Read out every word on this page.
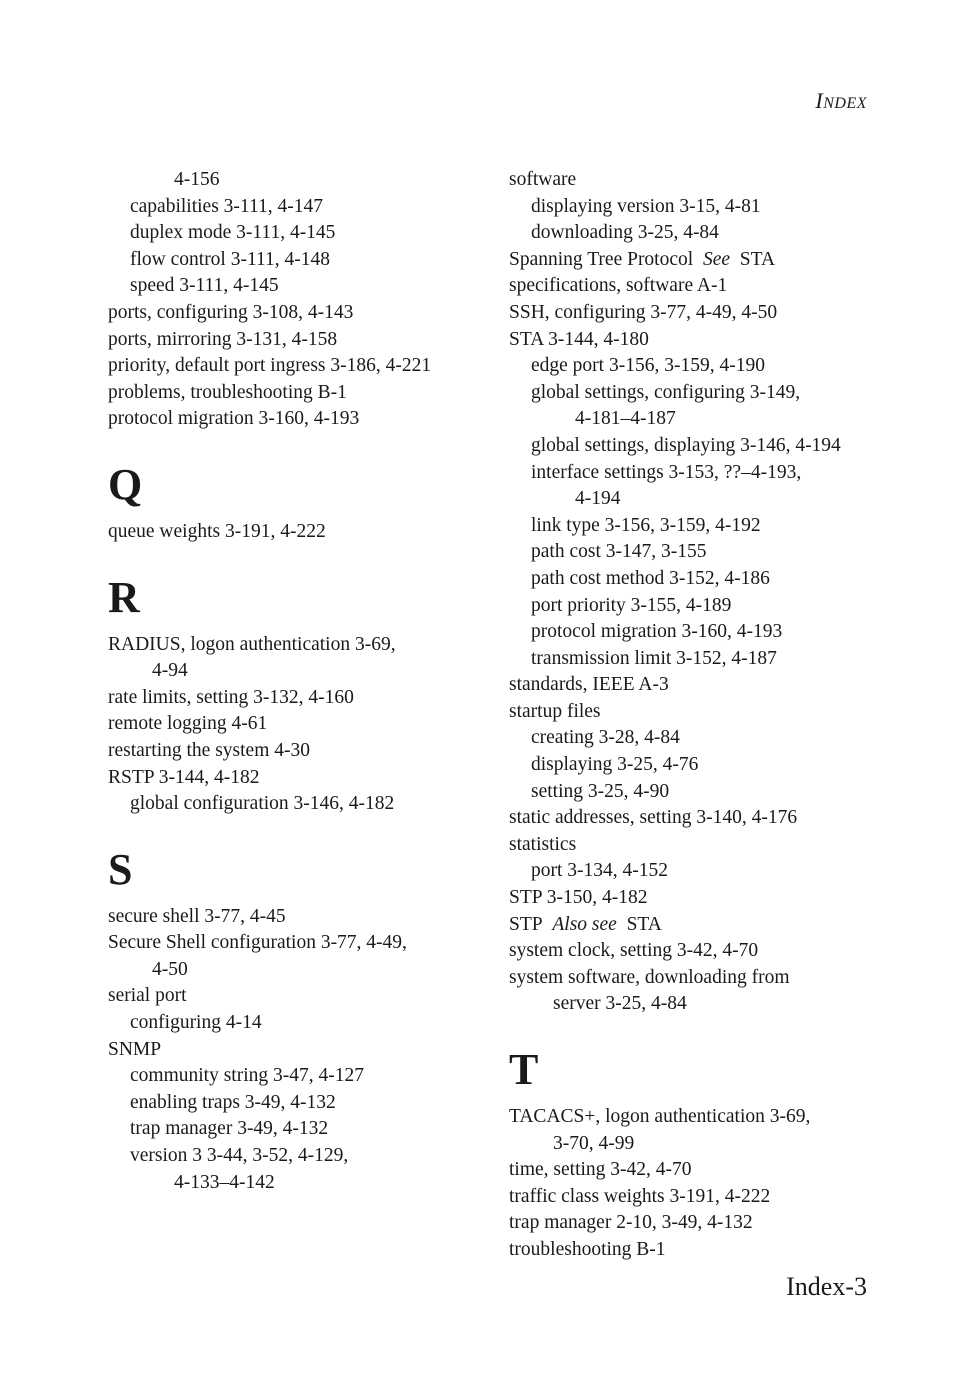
INDEX
4-156
capabilities 3-111, 4-147
duplex mode 3-111, 4-145
flow control 3-111, 4-148
speed 3-111, 4-145
ports, configuring 3-108, 4-143
ports, mirroring 3-131, 4-158
priority, default port ingress 3-186, 4-221
problems, troubleshooting B-1
protocol migration 3-160, 4-193
Q
queue weights 3-191, 4-222
R
RADIUS, logon authentication 3-69,
4-94
rate limits, setting 3-132, 4-160
remote logging 4-61
restarting the system 4-30
RSTP 3-144, 4-182
global configuration 3-146, 4-182
S
secure shell 3-77, 4-45
Secure Shell configuration 3-77, 4-49,
4-50
serial port
configuring 4-14
SNMP
community string 3-47, 4-127
enabling traps 3-49, 4-132
trap manager 3-49, 4-132
version 3 3-44, 3-52, 4-129,
4-133–4-142
software
displaying version 3-15, 4-81
downloading 3-25, 4-84
Spanning Tree Protocol See STA
specifications, software A-1
SSH, configuring 3-77, 4-49, 4-50
STA 3-144, 4-180
edge port 3-156, 3-159, 4-190
global settings, configuring 3-149,
4-181–4-187
global settings, displaying 3-146, 4-194
interface settings 3-153, ??–4-193,
4-194
link type 3-156, 3-159, 4-192
path cost 3-147, 3-155
path cost method 3-152, 4-186
port priority 3-155, 4-189
protocol migration 3-160, 4-193
transmission limit 3-152, 4-187
standards, IEEE A-3
startup files
creating 3-28, 4-84
displaying 3-25, 4-76
setting 3-25, 4-90
static addresses, setting 3-140, 4-176
statistics
port 3-134, 4-152
STP 3-150, 4-182
STP Also see STA
system clock, setting 3-42, 4-70
system software, downloading from
server 3-25, 4-84
T
TACACS+, logon authentication 3-69,
3-70, 4-99
time, setting 3-42, 4-70
traffic class weights 3-191, 4-222
trap manager 2-10, 3-49, 4-132
troubleshooting B-1
Index-3
